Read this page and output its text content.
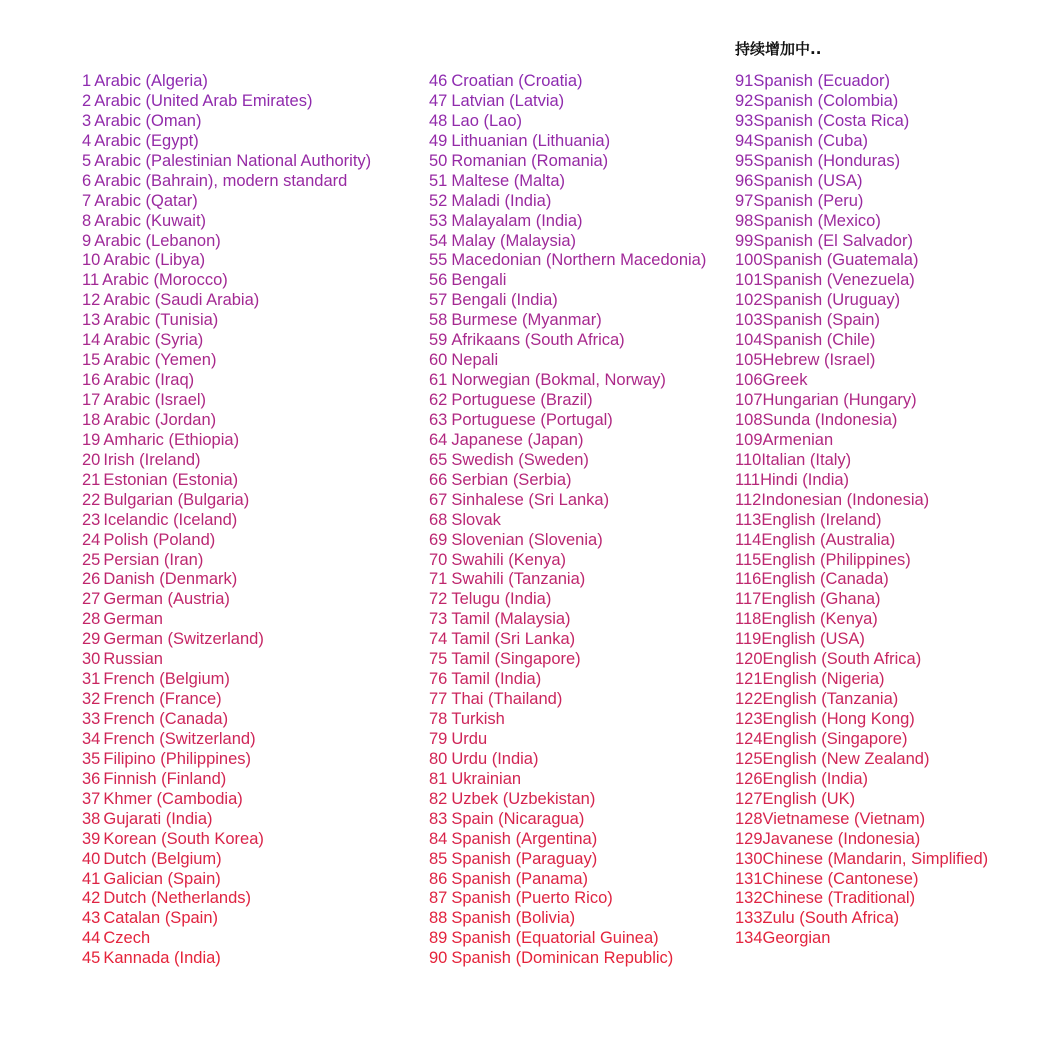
持续增加中..
1 Arabic (Algeria)
2 Arabic (United Arab Emirates)
3 Arabic (Oman)
4 Arabic (Egypt)
5 Arabic (Palestinian National Authority)
6 Arabic (Bahrain), modern standard
7 Arabic (Qatar)
8 Arabic (Kuwait)
9 Arabic (Lebanon)
10 Arabic (Libya)
11 Arabic (Morocco)
12 Arabic (Saudi Arabia)
13 Arabic (Tunisia)
14 Arabic (Syria)
15 Arabic (Yemen)
16 Arabic (Iraq)
17 Arabic (Israel)
18 Arabic (Jordan)
19 Amharic (Ethiopia)
20 Irish (Ireland)
21 Estonian (Estonia)
22 Bulgarian (Bulgaria)
23 Icelandic (Iceland)
24 Polish (Poland)
25 Persian (Iran)
26 Danish (Denmark)
27 German (Austria)
28 German
29 German (Switzerland)
30 Russian
31 French (Belgium)
32 French (France)
33 French (Canada)
34 French (Switzerland)
35 Filipino (Philippines)
36 Finnish (Finland)
37 Khmer (Cambodia)
38 Gujarati (India)
39 Korean (South Korea)
40 Dutch (Belgium)
41 Galician (Spain)
42 Dutch (Netherlands)
43 Catalan (Spain)
44 Czech
45 Kannada (India)
46 Croatian (Croatia)
47 Latvian (Latvia)
48 Lao (Lao)
49 Lithuanian (Lithuania)
50 Romanian (Romania)
51 Maltese (Malta)
52 Maladi (India)
53 Malayalam (India)
54 Malay (Malaysia)
55 Macedonian (Northern Macedonia)
56 Bengali
57 Bengali (India)
58 Burmese (Myanmar)
59 Afrikaans (South Africa)
60 Nepali
61 Norwegian (Bokmal, Norway)
62 Portuguese (Brazil)
63 Portuguese (Portugal)
64 Japanese (Japan)
65 Swedish (Sweden)
66 Serbian (Serbia)
67 Sinhalese (Sri Lanka)
68 Slovak
69 Slovenian (Slovenia)
70 Swahili (Kenya)
71 Swahili (Tanzania)
72 Telugu (India)
73 Tamil (Malaysia)
74 Tamil (Sri Lanka)
75 Tamil (Singapore)
76 Tamil (India)
77 Thai (Thailand)
78 Turkish
79 Urdu
80 Urdu (India)
81 Ukrainian
82 Uzbek (Uzbekistan)
83 Spain (Nicaragua)
84 Spanish (Argentina)
85 Spanish (Paraguay)
86 Spanish (Panama)
87 Spanish (Puerto Rico)
88 Spanish (Bolivia)
89 Spanish (Equatorial Guinea)
90 Spanish (Dominican Republic)
91Spanish (Ecuador)
92Spanish (Colombia)
93Spanish (Costa Rica)
94Spanish (Cuba)
95Spanish (Honduras)
96Spanish (USA)
97Spanish (Peru)
98Spanish (Mexico)
99Spanish (El Salvador)
100Spanish (Guatemala)
101Spanish (Venezuela)
102Spanish (Uruguay)
103Spanish (Spain)
104Spanish (Chile)
105Hebrew (Israel)
106Greek
107Hungarian (Hungary)
108Sunda (Indonesia)
109Armenian
110Italian (Italy)
111Hindi (India)
112Indonesian (Indonesia)
113English (Ireland)
114English (Australia)
115English (Philippines)
116English (Canada)
117English (Ghana)
118English (Kenya)
119English (USA)
120English (South Africa)
121English (Nigeria)
122English (Tanzania)
123English (Hong Kong)
124English (Singapore)
125English (New Zealand)
126English (India)
127English (UK)
128Vietnamese (Vietnam)
129Javanese (Indonesia)
130Chinese (Mandarin, Simplified)
131Chinese (Cantonese)
132Chinese (Traditional)
133Zulu (South Africa)
134Georgian
